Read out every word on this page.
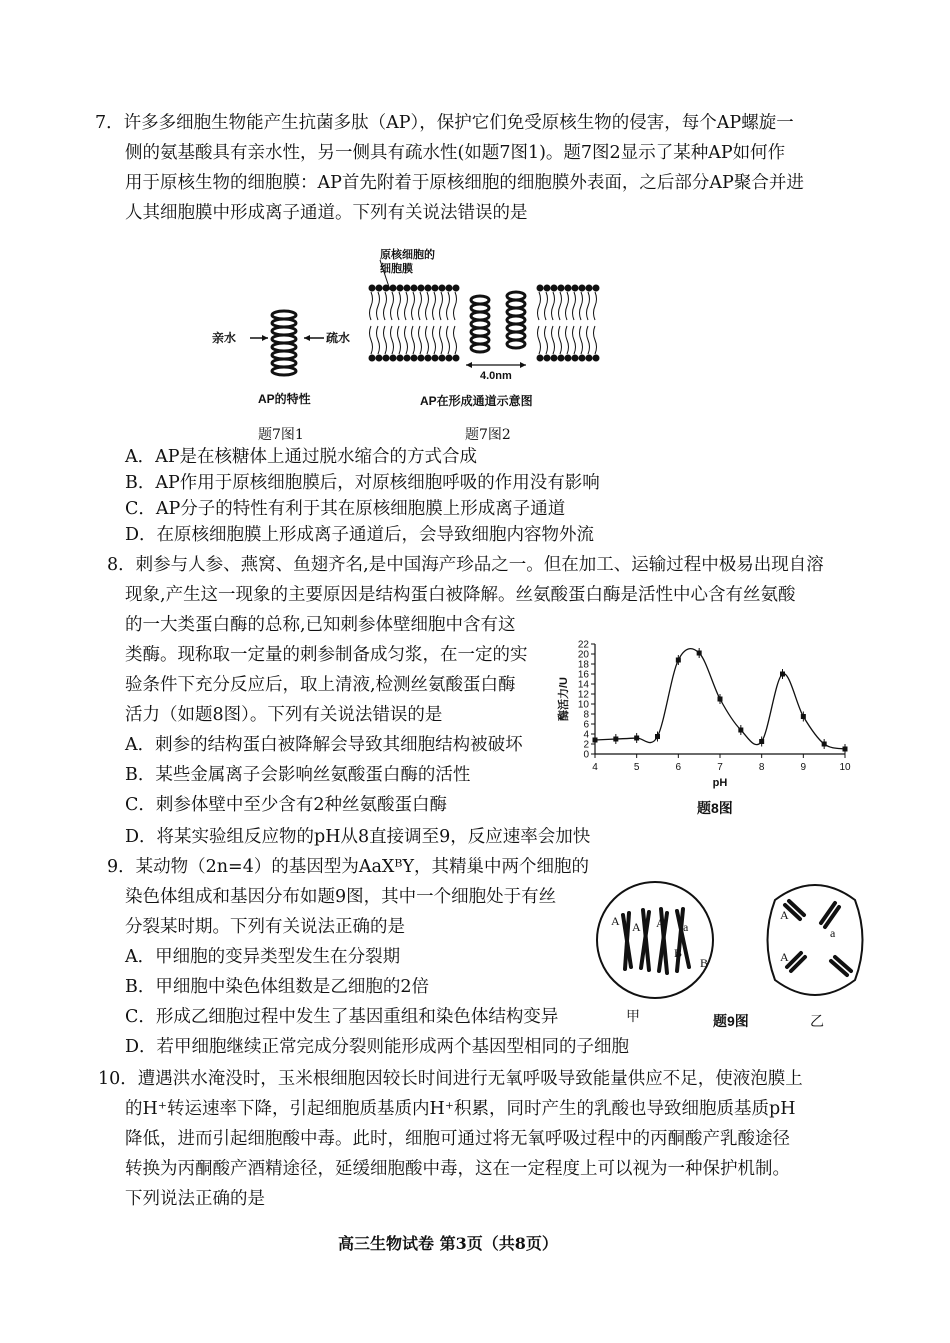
7．许多多细胞生物能产生抗菌多肽（AP），保护它们免受原核生物的侵害，每个AP螺旋一
侧的氨基酸具有亲水性，另一侧具有疏水性(如题7图1)。题7图2显示了某种AP如何作
用于原核生物的细胞膜：AP首先附着于原核细胞的细胞膜外表面，之后部分AP聚合并进
人其细胞膜中形成离子通道。下列有关说法错误的是
亲水	疏水
AP的特性
原核细胞的
细胞膜
4.0nm
AP在形成通道示意图
题7图1	题7图2
A．AP是在核糖体上通过脱水缩合的方式合成
B．AP作用于原核细胞膜后，对原核细胞呼吸的作用没有影响
C．AP分子的特性有利于其在原核细胞膜上形成离子通道
D．在原核细胞膜上形成离子通道后，会导致细胞内容物外流
8．刺参与人参、燕窝、鱼翅齐名,是中国海产珍品之一。但在加工、运输过程中极易出现自溶
现象,产生这一现象的主要原因是结构蛋白被降解。丝氨酸蛋白酶是活性中心含有丝氨酸
的一大类蛋白酶的总称,已知刺参体壁细胞中含有这
类酶。现称取一定量的刺参制备成匀浆，在一定的实
验条件下充分反应后，取上清液,检测丝氨酸蛋白酶
活力（如题8图）。下列有关说法错误的是
A．刺参的结构蛋白被降解会导致其细胞结构被破坏
B．某些金属离子会影响丝氨酸蛋白酶的活性
C．刺参体壁中至少含有2种丝氨酸蛋白酶
D．将某实验组反应物的pH从8直接调至9，反应速率会加快
0
2
4
6
8
10
12
14
16
18
20
22
4	5	6	7	8	9	10
pH
酶活力/U
题8图
9．某动物（2n=4）的基因型为AaXᴮY，其精巢中两个细胞的
染色体组成和基因分布如题9图，其中一个细胞处于有丝
分裂某时期。下列有关说法正确的是
A．甲细胞的变异类型发生在分裂期
B．甲细胞中染色体组数是乙细胞的2倍
C．形成乙细胞过程中发生了基因重组和染色体结构变异
D．若甲细胞继续正常完成分裂则能形成两个基因型相同的子细胞
A A A a
B
B
A
a
A
甲	题9图	乙
10．遭遇洪水淹没时，玉米根细胞因较长时间进行无氧呼吸导致能量供应不足，使液泡膜上
的H⁺转运速率下降，引起细胞质基质内H⁺积累，同时产生的乳酸也导致细胞质基质pH
降低，进而引起细胞酸中毒。此时，细胞可通过将无氧呼吸过程中的丙酮酸产乳酸途径
转换为丙酮酸产酒精途径，延缓细胞酸中毒，这在一定程度上可以视为一种保护机制。
下列说法正确的是
高三生物试卷 第3页（共8页）
